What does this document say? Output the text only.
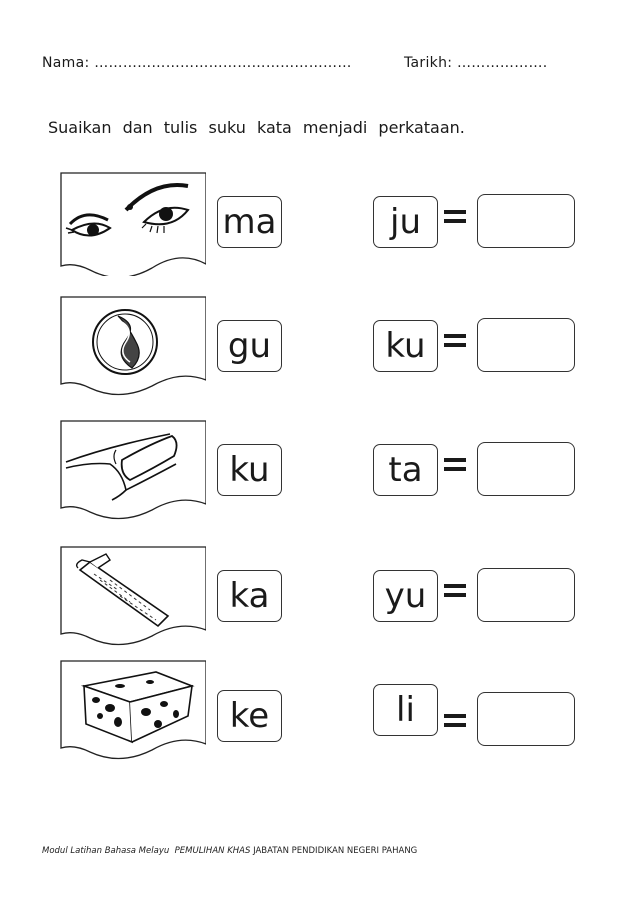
Nama: ………………………………………………	Tarikh: ……………….
Suaikan dan tulis suku kata menjadi perkataan.
ma	ju
gu	ku
ku	ta
ka	yu
ke	li
Modul Latihan Bahasa Melayu PEMULIHAN KHAS JABATAN PENDIDIKAN NEGERI PAHANG
